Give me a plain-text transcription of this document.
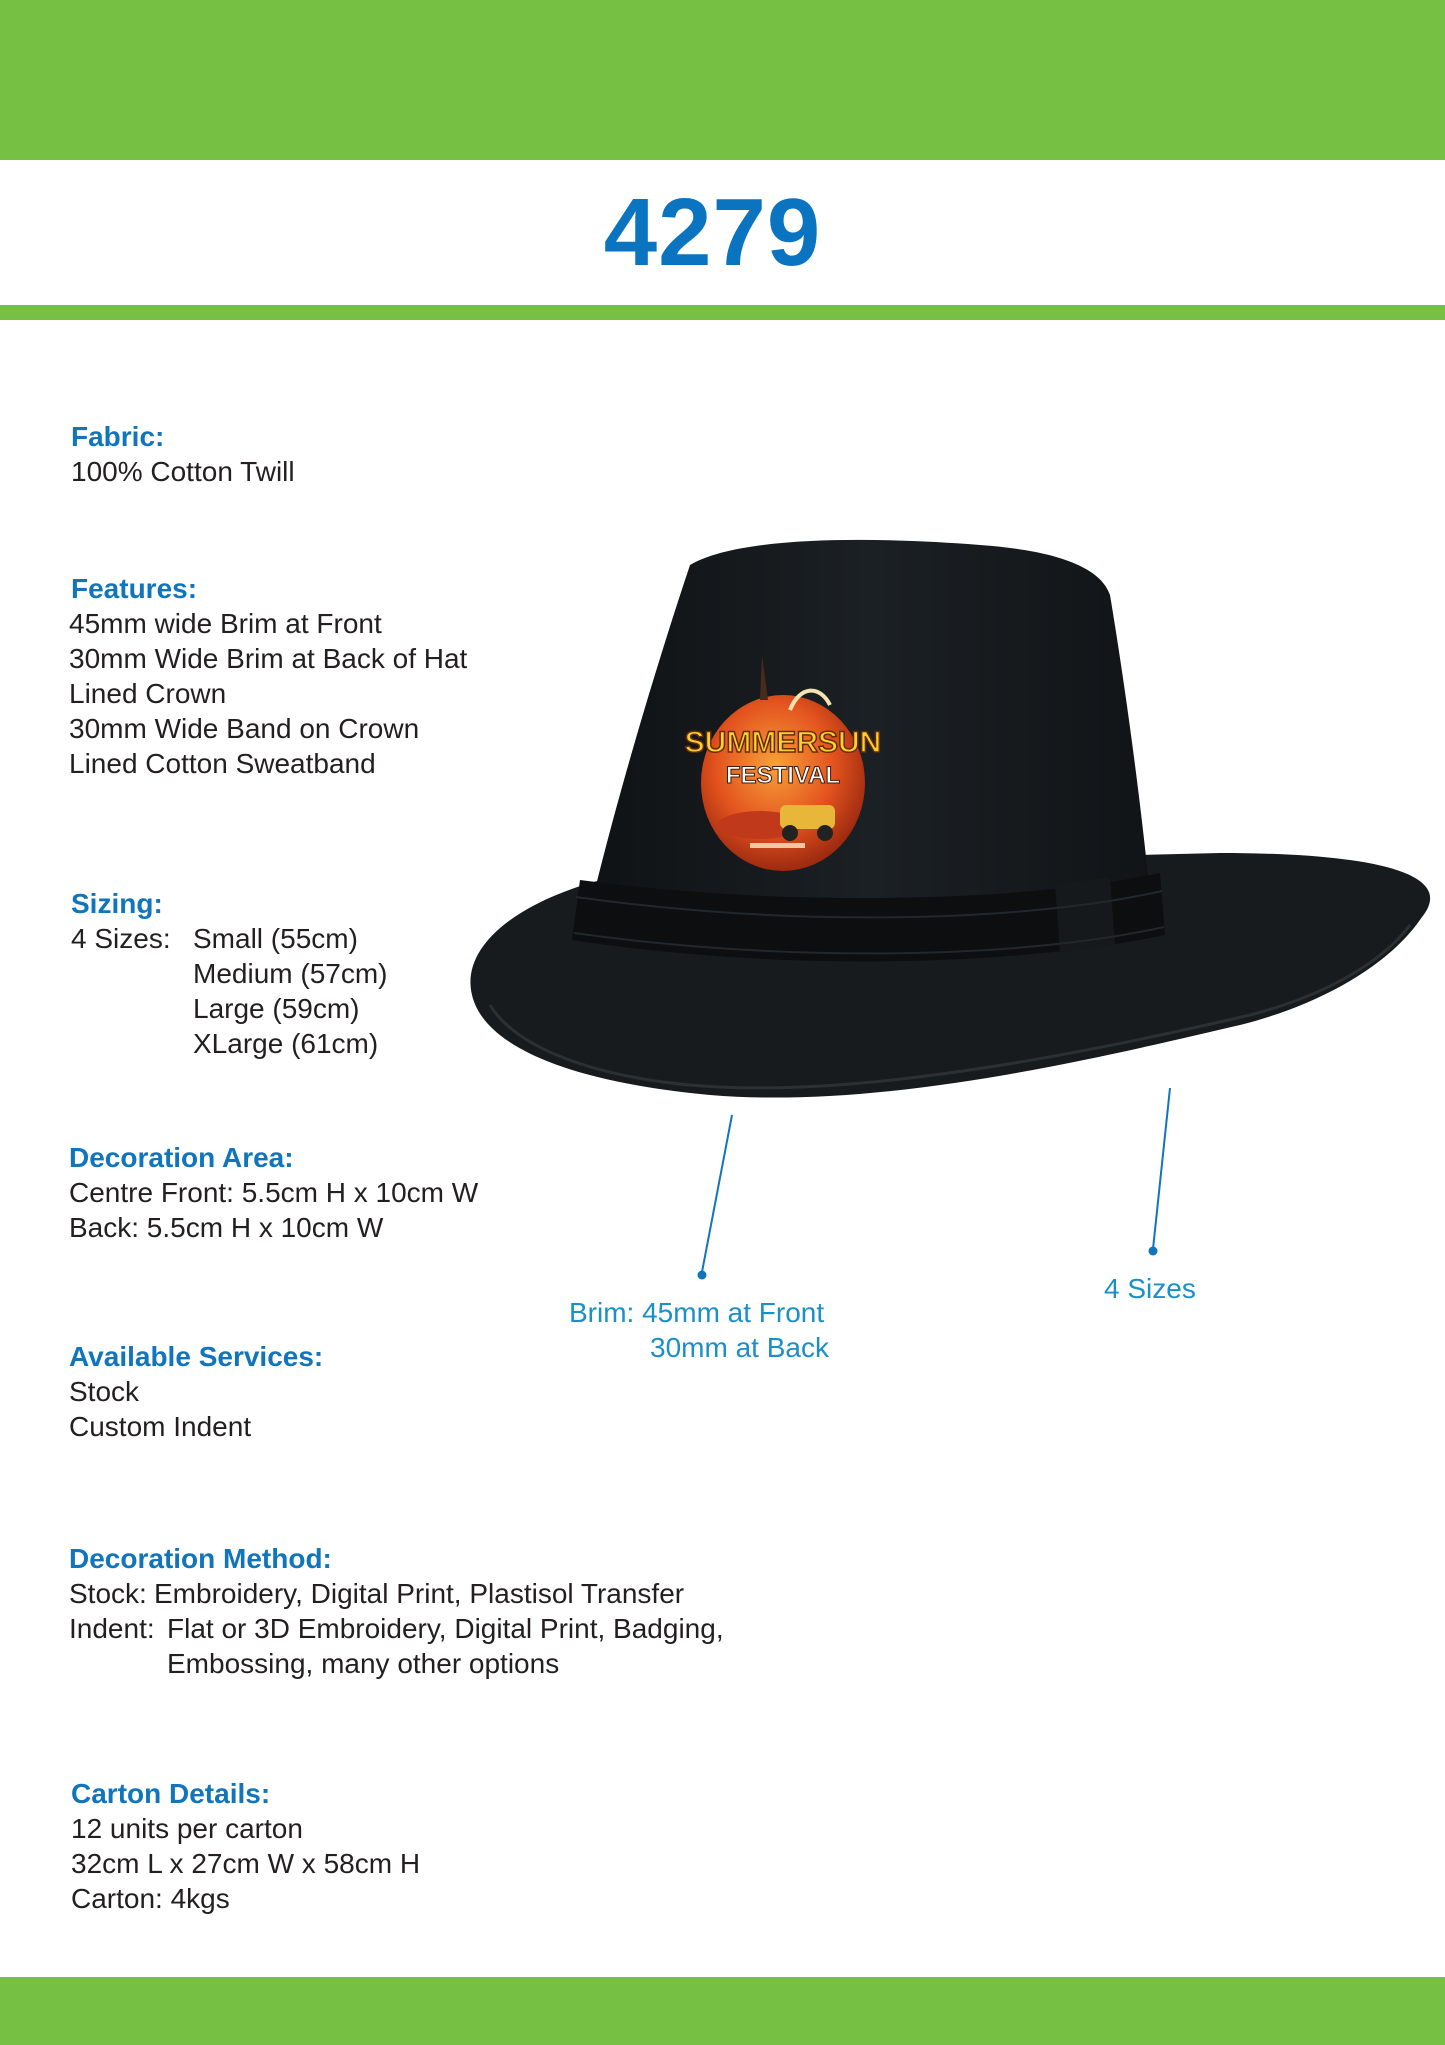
4279
Fabric:
100% Cotton Twill
Features:
45mm wide Brim at Front
30mm Wide Brim at Back of Hat
Lined Crown
30mm Wide Band on Crown
Lined Cotton Sweatband
Sizing:
4 Sizes: Small (55cm)
Medium (57cm)
Large (59cm)
XLarge (61cm)
Decoration Area:
Centre Front: 5.5cm H x 10cm W
Back: 5.5cm H x 10cm W
Available Services:
Stock
Custom Indent
Decoration Method:
Stock: Embroidery, Digital Print, Plastisol Transfer
Indent: Flat or 3D Embroidery, Digital Print, Badging,
Embossing, many other options
Carton Details:
12 units per carton
32cm L x 27cm W x 58cm H
Carton: 4kgs
SUMMERSUN
FESTIVAL
Brim: 45mm at Front
30mm at Back
4 Sizes
